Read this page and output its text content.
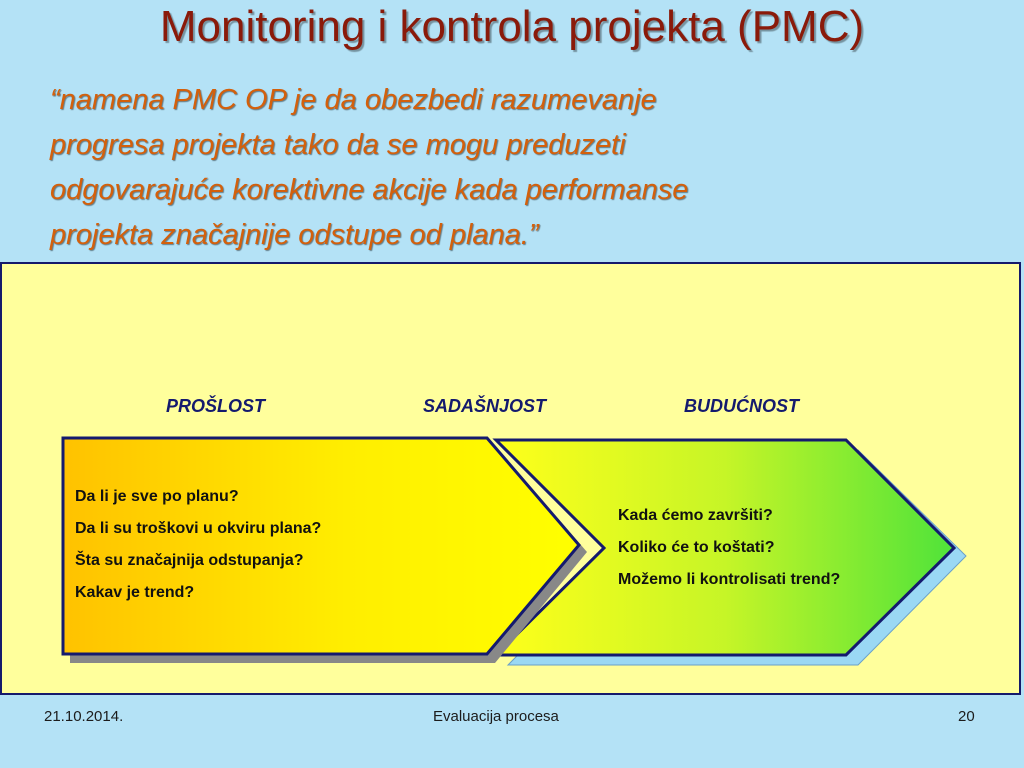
Monitoring i kontrola projekta (PMC)
“namena PMC OP je da obezbedi razumevanje
progresa projekta tako da se mogu preduzeti
odgovarajuće korektivne akcije kada performanse
projekta značajnije odstupe od plana.”
PROŠLOST	SADAŠNJOST	BUDUĆNOST
Da li je sve po planu?
Da li su troškovi u okviru plana?
Šta su značajnija odstupanja?
Kakav je trend?
Kada ćemo završiti?
Koliko će to koštati?
Možemo li kontrolisati trend?
21.10.2014.	Evaluacija procesa	20
